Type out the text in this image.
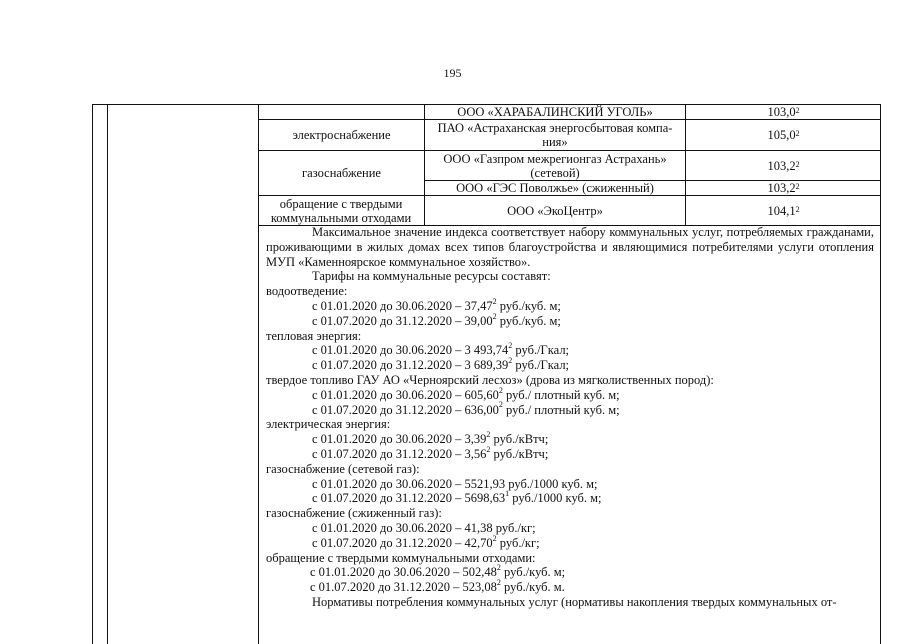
195
ООО «ХАРАБАЛИНСКИЙ УГОЛЬ»	103,0$^2$
электроснабжение	ПАО «Астраханская энергосбытовая компа-ния»	105,0$^2$
газоснабжение
ООО «Газпром межрегионгаз Астрахань» (сетевой)	103,2$^2$
ООО «ГЭС Поволжье» (сжиженный)	103,2$^2$
обращение с твердыми коммунальными отходами	ООО «ЭкоЦентр»	104,1$^2$

Максимальное значение индекса соответствует набору коммунальных услуг, потребляемых гражданами, проживающими в жилых домах всех типов благоустройства и являющимися потребителями услуги отопления МУП «Каменноярское коммунальное хозяйство».

Тарифы на коммунальные ресурсы составят:

водоотведение:

с 01.01.2020 до 30.06.2020 – 37,47$^2$ руб./куб. м;

с 01.07.2020 до 31.12.2020 – 39,00$^2$ руб./куб. м;

тепловая энергия:

с 01.01.2020 до 30.06.2020 – 3 493,74$^2$ руб./Гкал;

с 01.07.2020 до 31.12.2020 – 3 689,39$^2$ руб./Гкал;

твердое топливо ГАУ АО «Черноярский лесхоз» (дрова из мягколиственных пород):

с 01.01.2020 до 30.06.2020 – 605,60$^2$ руб./ плотный куб. м;

с 01.07.2020 до 31.12.2020 – 636,00$^2$ руб./ плотный куб. м;

электрическая энергия:

с 01.01.2020 до 30.06.2020 – 3,39$^2$ руб./кВтч;

с 01.07.2020 до 31.12.2020 – 3,56$^2$ руб./кВтч;

газоснабжение (сетевой газ):

с 01.01.2020 до 30.06.2020 – 5521,93 руб./1000 куб. м;

с 01.07.2020 до 31.12.2020 – 5698,63$^1$ руб./1000 куб. м;

газоснабжение (сжиженный газ):

с 01.01.2020 до 30.06.2020 – 41,38 руб./кг;

с 01.07.2020 до 31.12.2020 – 42,70$^2$ руб./кг;

обращение с твердыми коммунальными отходами:

с 01.01.2020 до 30.06.2020 – 502,48$^2$ руб./куб. м;

с 01.07.2020 до 31.12.2020 – 523,08$^2$ руб./куб. м.

Нормативы потребления коммунальных услуг (нормативы накопления твердых коммунальных от-
